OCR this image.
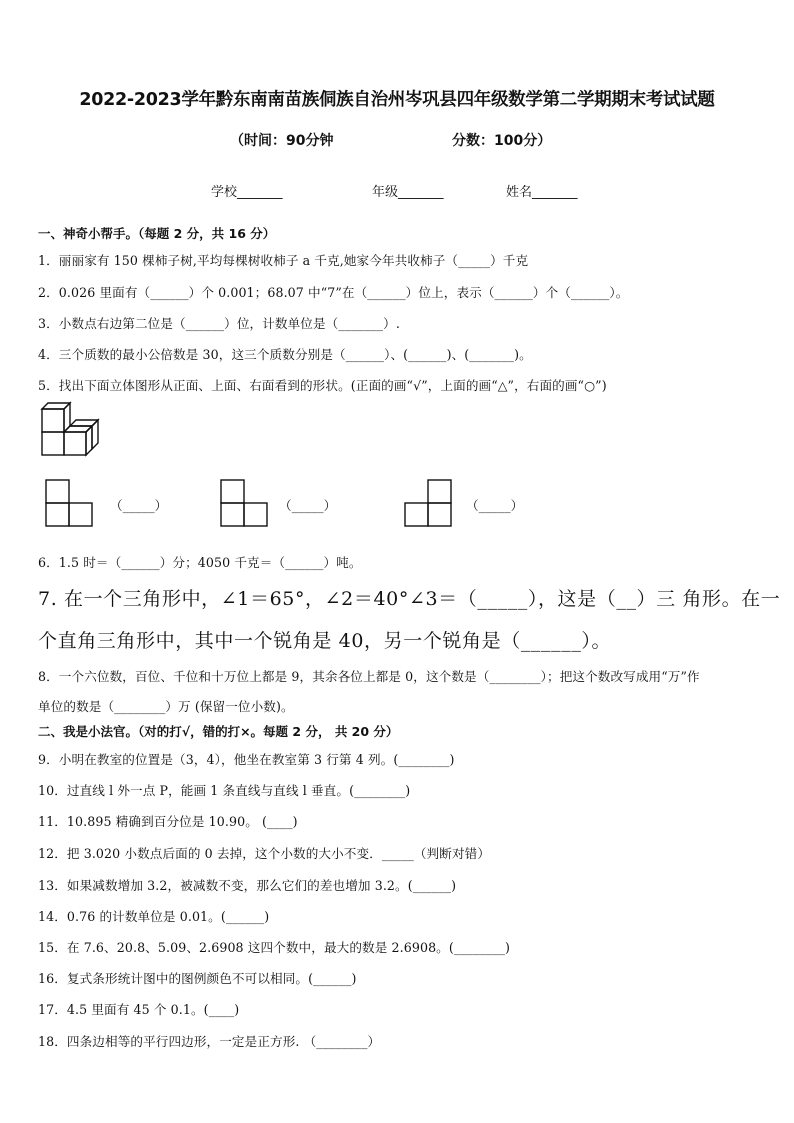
2022-2023学年黔东南南苗族侗族自治州岑巩县四年级数学第二学期期末考试试题
（时间：90分钟	分数：100分）
学校_______	年级_______	姓名_______
一、神奇小帮手。（每题 2 分，共 16 分）
1．丽丽家有 150 棵柿子树,平均每棵树收柿子 a 千克,她家今年共收柿子（_____）千克
2．0.026 里面有（______）个 0.001；68.07 中“7”在（______）位上，表示（______）个（______）。
3．小数点右边第二位是（______）位，计数单位是（_______）.
4．三个质数的最小公倍数是 30，这三个质数分别是（______）、(______)、(_______)。
5．找出下面立体图形从正面、上面、右面看到的形状。(正面的画“√”，上面的画“△”，右面的画“○”)
（_____）	（_____）	（_____）
6．1.5 时＝（______）分；4050 千克＝（______）吨。
7. 在一个三角形中，∠1＝65°，∠2＝40°∠3＝（_____），这是（__）三 角形。在一
个直角三角形中，其中一个锐角是 40，另一个锐角是（______）。
8．一个六位数，百位、千位和十万位上都是 9，其余各位上都是 0，这个数是（________）；把这个数改写成用“万”作
单位的数是（________）万 (保留一位小数)。
二、我是小法官。（对的打√，错的打×。每题 2 分， 共 20 分）
9．小明在教室的位置是（3，4），他坐在教室第 3 行第 4 列。(________)
10．过直线 l 外一点 P，能画 1 条直线与直线 l 垂直。(________)
11．10.895 精确到百分位是 10.90。 (____)
12．把 3.020 小数点后面的 0 去掉，这个小数的大小不变．_____（判断对错）
13．如果减数增加 3.2，被减数不变，那么它们的差也增加 3.2。(______)
14．0.76 的计数单位是 0.01。(______)
15．在 7.6、20.8、5.09、2.6908 这四个数中，最大的数是 2.6908。(________)
16．复式条形统计图中的图例颜色不可以相同。(______)
17．4.5 里面有 45 个 0.1。(____)
18．四条边相等的平行四边形，一定是正方形. （________）
